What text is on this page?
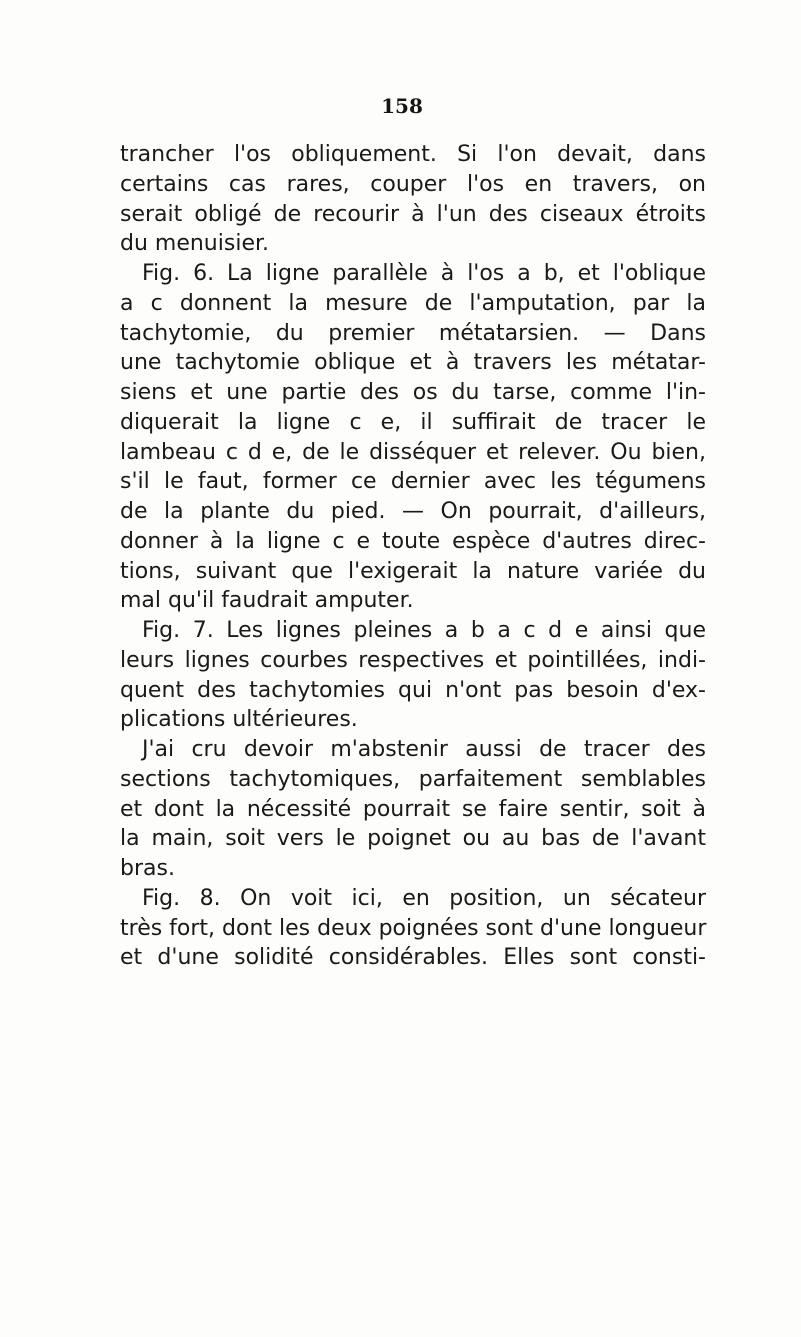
158
trancher l'os obliquement. Si l'on devait, dans
certains cas rares, couper l'os en travers, on
serait obligé de recourir à l'un des ciseaux étroits
du menuisier.
Fig. 6. La ligne parallèle à l'os a b, et l'oblique
a c donnent la mesure de l'amputation, par la
tachytomie, du premier métatarsien. — Dans
une tachytomie oblique et à travers les métatar-
siens et une partie des os du tarse, comme l'in-
diquerait la ligne c e, il suffirait de tracer le
lambeau c d e, de le disséquer et relever. Ou bien,
s'il le faut, former ce dernier avec les tégumens
de la plante du pied. — On pourrait, d'ailleurs,
donner à la ligne c e toute espèce d'autres direc-
tions, suivant que l'exigerait la nature variée du
mal qu'il faudrait amputer.
Fig. 7. Les lignes pleines a b a c d e ainsi que
leurs lignes courbes respectives et pointillées, indi-
quent des tachytomies qui n'ont pas besoin d'ex-
plications ultérieures.
J'ai cru devoir m'abstenir aussi de tracer des
sections tachytomiques, parfaitement semblables
et dont la nécessité pourrait se faire sentir, soit à
la main, soit vers le poignet ou au bas de l'avant
bras.
Fig. 8. On voit ici, en position, un sécateur
très fort, dont les deux poignées sont d'une longueur
et d'une solidité considérables. Elles sont consti-
